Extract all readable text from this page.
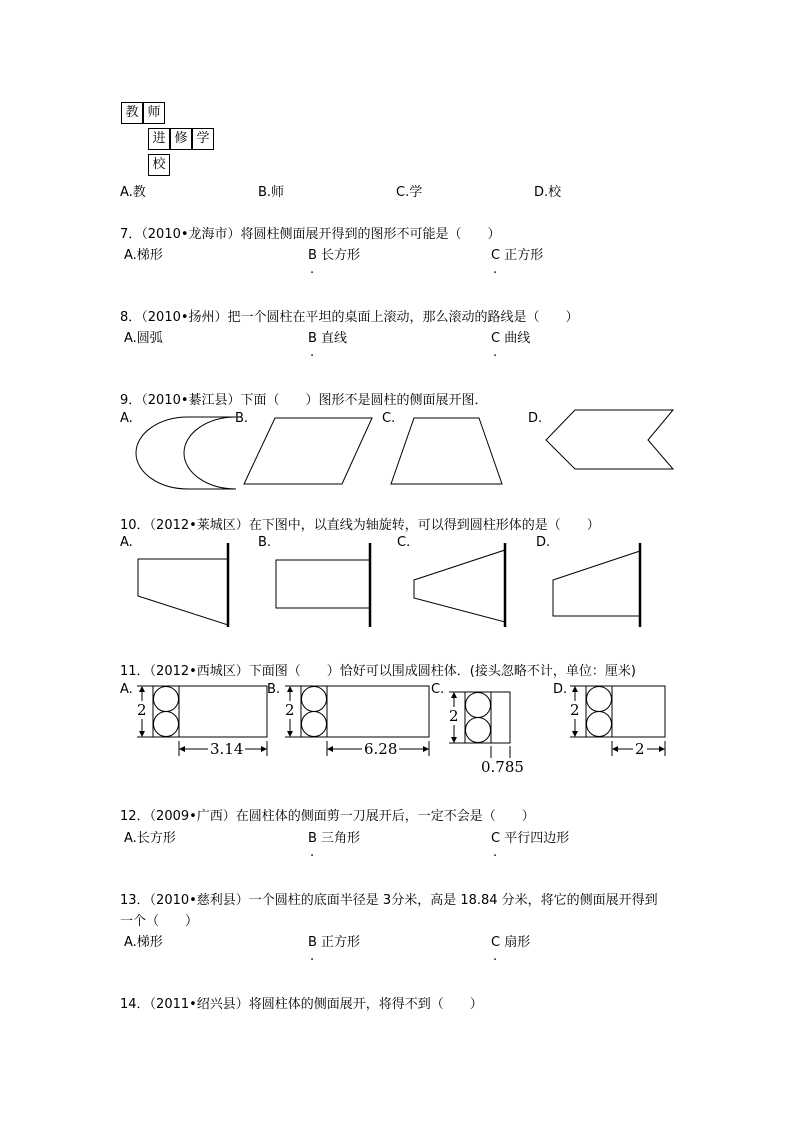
教 师
进 修 学
校
A.教	B.师	C.学	D.校
7．（2010•龙海市）将圆柱侧面展开得到的图形不可能是（　　）
A.梯形	B 长方形	C 正方形
.	.
8．（2010•扬州）把一个圆柱在平坦的桌面上滚动，那么滚动的路线是（　　）
A.圆弧	B 直线	C 曲线
.	.
9．（2010•綦江县）下面（　　）图形不是圆柱的侧面展开图．
A.	B.	C.	D.
10．（2012•莱城区）在下图中，以直线为轴旋转，可以得到圆柱形体的是（　　）
A.	B.	C.	D.
11．（2012•西城区）下面图（　　）恰好可以围成圆柱体．(接头忽略不计，单位：厘米)
A.	B.	C.	D.
2
3.14
2
6.28
2
0.785
2
2
12．（2009•广西）在圆柱体的侧面剪一刀展开后，一定不会是（　　）
A.长方形	B 三角形	C 平行四边形
.	.
13．（2010•慈利县）一个圆柱的底面半径是 3分米，高是 18.84 分米，将它的侧面展开得到
一个（　　）
A.梯形	B 正方形	C 扇形
.	.
14．（2011•绍兴县）将圆柱体的侧面展开，将得不到（　　）
